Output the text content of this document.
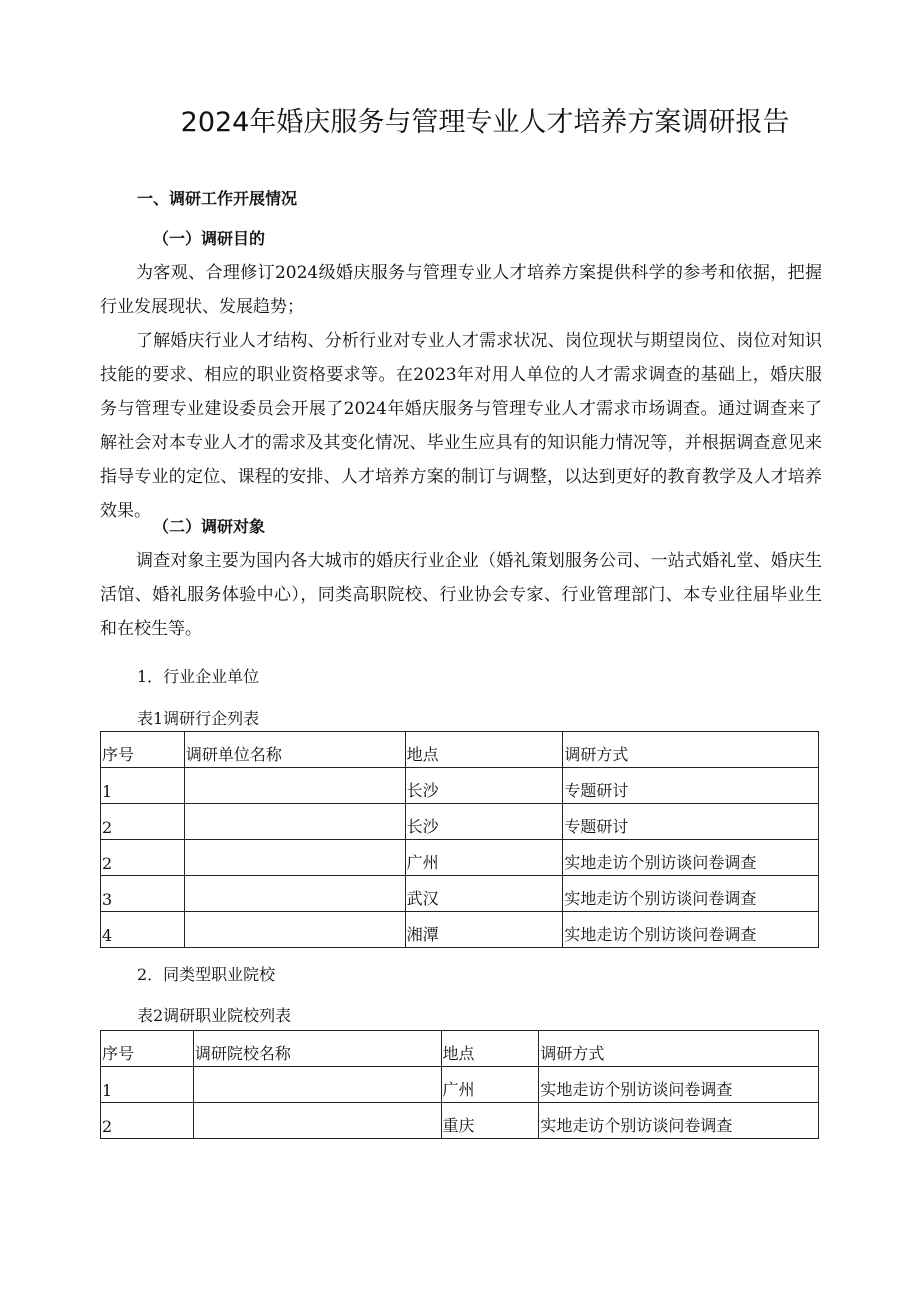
2024年婚庆服务与管理专业人才培养方案调研报告
一、调研工作开展情况
（一）调研目的
为客观、合理修订2024级婚庆服务与管理专业人才培养方案提供科学的参考和依据，把握行业发展现状、发展趋势；
了解婚庆行业人才结构、分析行业对专业人才需求状况、岗位现状与期望岗位、岗位对知识技能的要求、相应的职业资格要求等。在2023年对用人单位的人才需求调查的基础上，婚庆服务与管理专业建设委员会开展了2024年婚庆服务与管理专业人才需求市场调查。通过调查来了解社会对本专业人才的需求及其变化情况、毕业生应具有的知识能力情况等，并根据调查意见来指导专业的定位、课程的安排、人才培养方案的制订与调整，以达到更好的教育教学及人才培养效果。
（二）调研对象
调查对象主要为国内各大城市的婚庆行业企业（婚礼策划服务公司、一站式婚礼堂、婚庆生活馆、婚礼服务体验中心），同类高职院校、行业协会专家、行业管理部门、本专业往届毕业生和在校生等。
1．行业企业单位
表1调研行企列表
序号	调研单位名称	地点	调研方式

1		长沙	专题研讨

2		长沙	专题研讨

2		广州	实地走访个别访谈问卷调查

3		武汉	实地走访个别访谈问卷调查

4		湘潭	实地走访个别访谈问卷调查
2．同类型职业院校
表2调研职业院校列表
序号	调研院校名称	地点	调研方式

1		广州	实地走访个别访谈问卷调查

2		重庆	实地走访个别访谈问卷调查
